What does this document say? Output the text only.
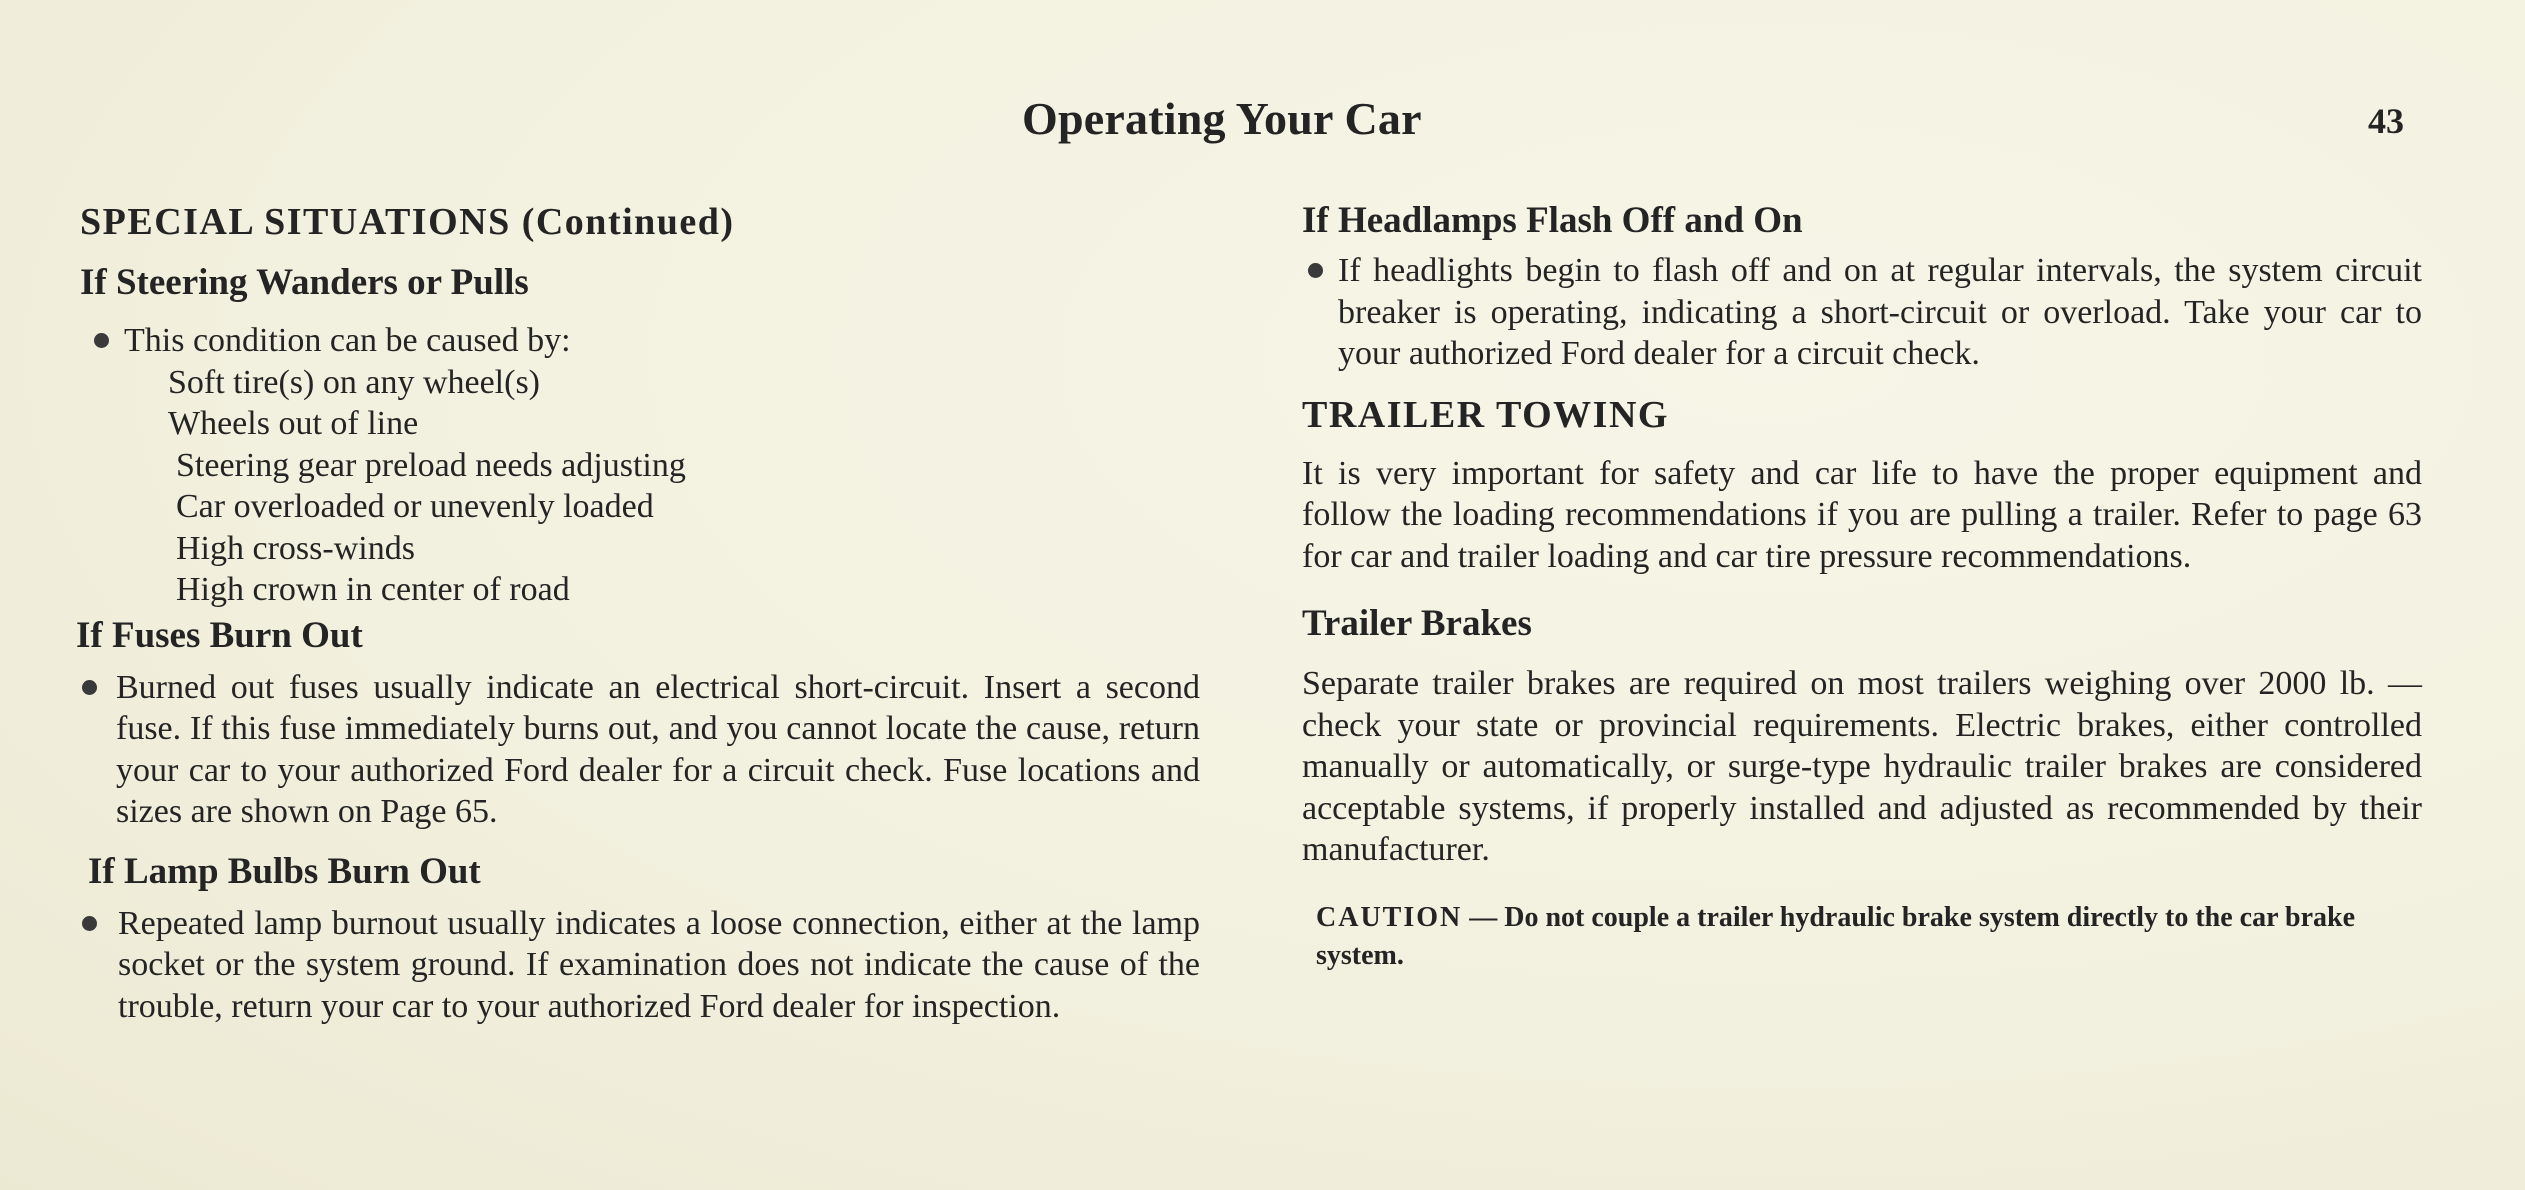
Operating Your Car	43
SPECIAL SITUATIONS (Continued)
If Steering Wanders or Pulls
This condition can be caused by:
Soft tire(s) on any wheel(s)
Wheels out of line
Steering gear preload needs adjusting
Car overloaded or unevenly loaded
High cross-winds
High crown in center of road
If Fuses Burn Out
Burned out fuses usually indicate an electrical short-circuit. Insert a second fuse. If this fuse immediately burns out, and you cannot locate the cause, return your car to your authorized Ford dealer for a circuit check. Fuse locations and sizes are shown on Page 65.
If Lamp Bulbs Burn Out
Repeated lamp burnout usually indicates a loose connection, either at the lamp socket or the system ground. If examination does not indicate the cause of the trouble, return your car to your authorized Ford dealer for inspection.
If Headlamps Flash Off and On
If headlights begin to flash off and on at regular intervals, the system circuit breaker is operating, indicating a short-circuit or overload. Take your car to your authorized Ford dealer for a circuit check.
TRAILER TOWING

It is very important for safety and car life to have the proper equipment and follow the loading recommendations if you are pulling a trailer. Refer to page 63 for car and trailer loading and car tire pressure recommendations.

Trailer Brakes

Separate trailer brakes are required on most trailers weighing over 2000 lb. — check your state or provincial requirements. Electric brakes, either controlled manually or automatically, or surge-type hydraulic trailer brakes are considered acceptable systems, if properly installed and adjusted as recommended by their manufacturer.

CAUTION — Do not couple a trailer hydraulic brake system directly to the car brake system.
